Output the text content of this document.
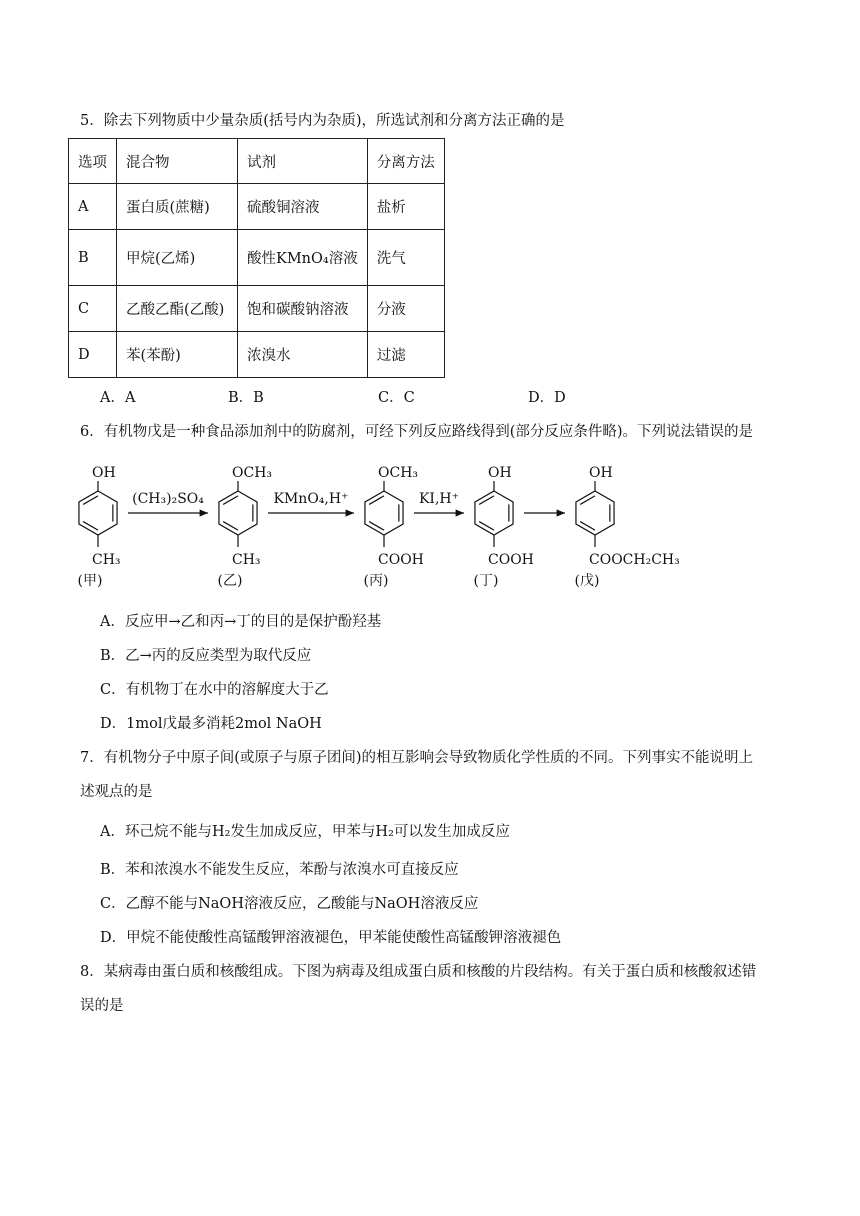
5．除去下列物质中少量杂质(括号内为杂质)，所选试剂和分离方法正确的是
选项	混合物	试剂	分离方法
A	蛋白质(蔗糖)	硫酸铜溶液	盐析
B	甲烷(乙烯)	酸性KMnO₄溶液	洗气
C	乙酸乙酯(乙酸)	饱和碳酸钠溶液	分液
D	苯(苯酚)	浓溴水	过滤
A．A	B．B	C．C	D．D
6．有机物戊是一种食品添加剂中的防腐剂，可经下列反应路线得到(部分反应条件略)。下列说法错误的是
OH
CH₃
(甲)
OCH₃
CH₃
(乙)
OCH₃
COOH
(丙)
OH
COOH
(丁)
OH
COOCH₂CH₃
(戊)
(CH₃)₂SO₄	KMnO₄,H⁺	KI,H⁺
A．反应甲→乙和丙→丁的目的是保护酚羟基
B．乙→丙的反应类型为取代反应
C．有机物丁在水中的溶解度大于乙
D．1mol戊最多消耗2mol NaOH
7．有机物分子中原子间(或原子与原子团间)的相互影响会导致物质化学性质的不同。下列事实不能说明上
述观点的是
A．环己烷不能与H₂发生加成反应，甲苯与H₂可以发生加成反应
B．苯和浓溴水不能发生反应，苯酚与浓溴水可直接反应
C．乙醇不能与NaOH溶液反应，乙酸能与NaOH溶液反应
D．甲烷不能使酸性高锰酸钾溶液褪色，甲苯能使酸性高锰酸钾溶液褪色
8．某病毒由蛋白质和核酸组成。下图为病毒及组成蛋白质和核酸的片段结构。有关于蛋白质和核酸叙述错
误的是
